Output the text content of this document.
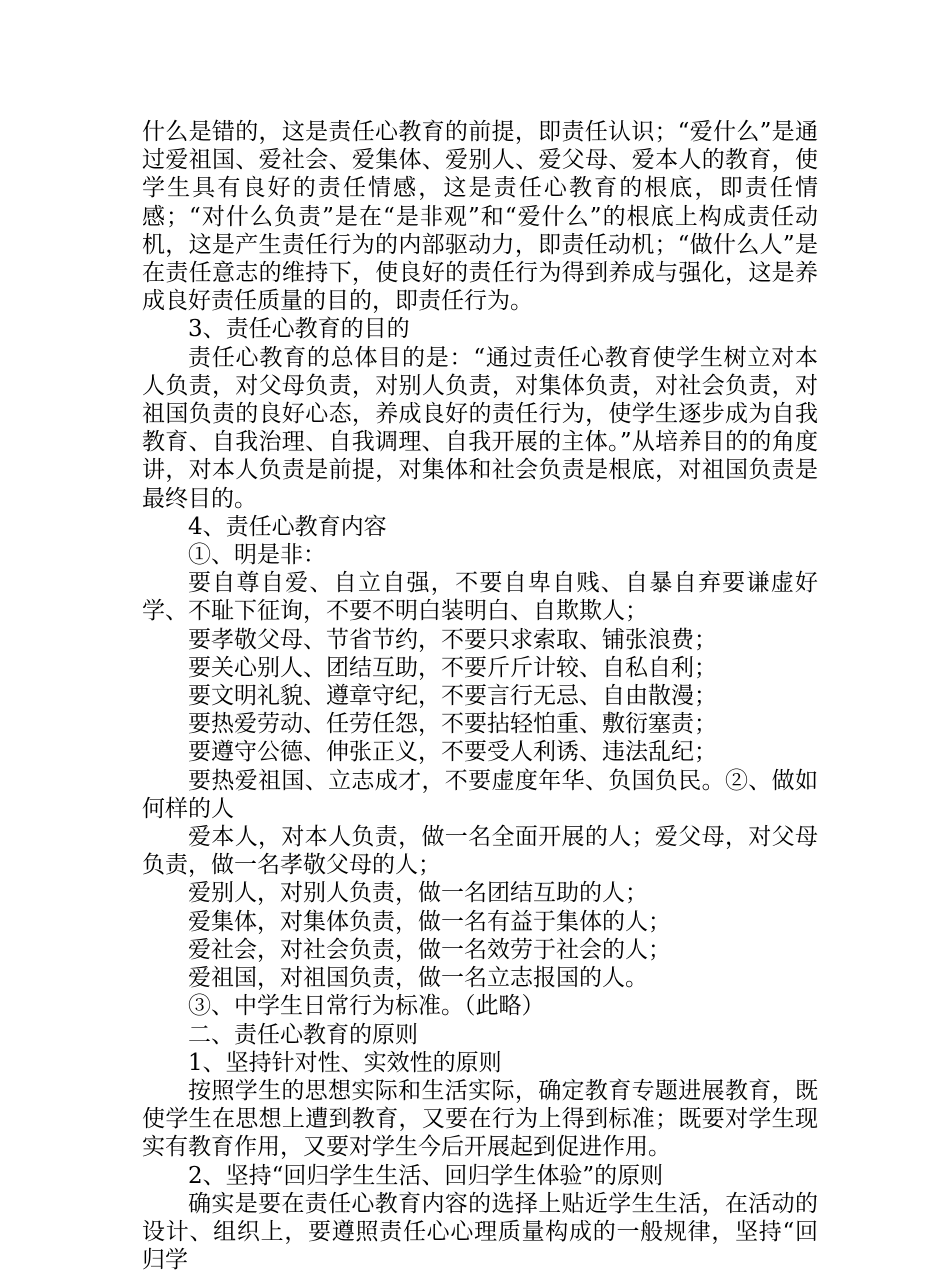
什么是错的，这是责任心教育的前提，即责任认识；“爱什么”是通过爱祖国、爱社会、爱集体、爱别人、爱父母、爱本人的教育，使学生具有良好的责任情感，这是责任心教育的根底，即责任情感；“对什么负责”是在“是非观”和“爱什么”的根底上构成责任动机，这是产生责任行为的内部驱动力，即责任动机；“做什么人”是在责任意志的维持下，使良好的责任行为得到养成与强化，这是养成良好责任质量的目的，即责任行为。

3、责任心教育的目的

责任心教育的总体目的是：“通过责任心教育使学生树立对本人负责，对父母负责，对别人负责，对集体负责，对社会负责，对祖国负责的良好心态，养成良好的责任行为，使学生逐步成为自我教育、自我治理、自我调理、自我开展的主体。”从培养目的的角度讲，对本人负责是前提，对集体和社会负责是根底，对祖国负责是最终目的。

4、责任心教育内容

①、明是非：

要自尊自爱、自立自强，不要自卑自贱、自暴自弃要谦虚好学、不耻下征询，不要不明白装明白、自欺欺人；

要孝敬父母、节省节约，不要只求索取、铺张浪费；

要关心别人、团结互助，不要斤斤计较、自私自利；

要文明礼貌、遵章守纪，不要言行无忌、自由散漫；

要热爱劳动、任劳任怨，不要拈轻怕重、敷衍塞责；

要遵守公德、伸张正义，不要受人利诱、违法乱纪；

要热爱祖国、立志成才，不要虚度年华、负国负民。②、做如何样的人

爱本人，对本人负责，做一名全面开展的人；爱父母，对父母负责，做一名孝敬父母的人；

爱别人，对别人负责，做一名团结互助的人；

爱集体，对集体负责，做一名有益于集体的人；

爱社会，对社会负责，做一名效劳于社会的人；

爱祖国，对祖国负责，做一名立志报国的人。

③、中学生日常行为标准。（此略）

二、责任心教育的原则

1、坚持针对性、实效性的原则

按照学生的思想实际和生活实际，确定教育专题进展教育，既使学生在思想上遭到教育，又要在行为上得到标准；既要对学生现实有教育作用，又要对学生今后开展起到促进作用。

2、坚持“回归学生生活、回归学生体验”的原则

确实是要在责任心教育内容的选择上贴近学生生活，在活动的设计、组织上，要遵照责任心心理质量构成的一般规律，坚持“回归学
